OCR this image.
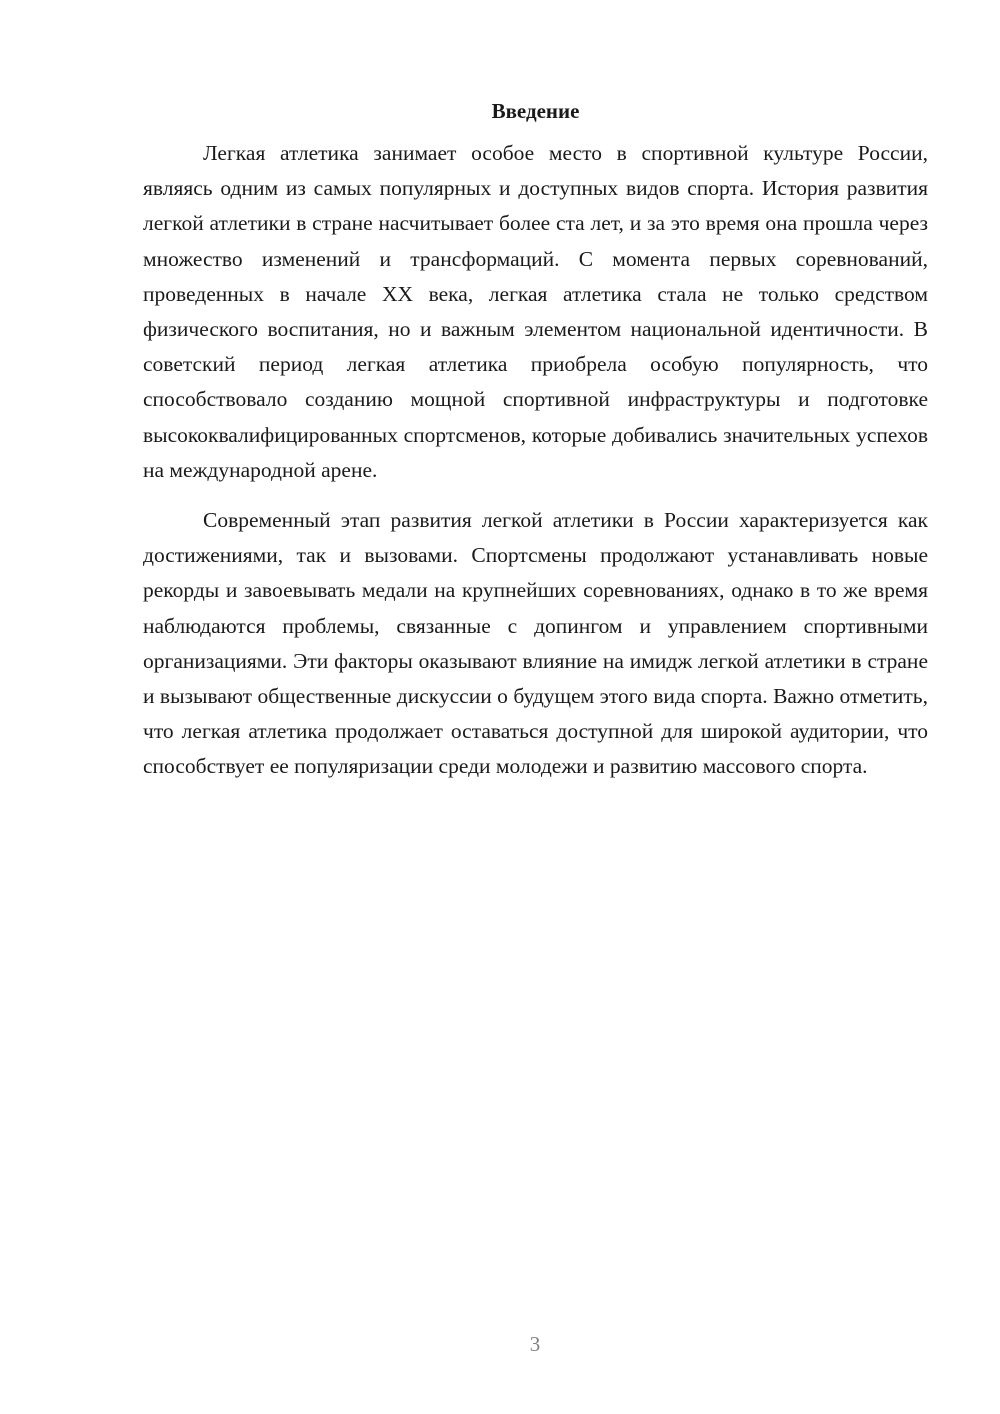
Введение

Легкая атлетика занимает особое место в спортивной культуре России, являясь одним из самых популярных и доступных видов спорта. История развития легкой атлетики в стране насчитывает более ста лет, и за это время она прошла через множество изменений и трансформаций. С момента первых соревнований, проведенных в начале XX века, легкая атлетика стала не только средством физического воспитания, но и важным элементом национальной идентичности. В советский период легкая атлетика приобрела особую популярность, что способствовало созданию мощной спортивной инфраструктуры и подготовке высококвалифицированных спортсменов, которые добивались значительных успехов на международной арене.

Современный этап развития легкой атлетики в России характеризуется как достижениями, так и вызовами. Спортсмены продолжают устанавливать новые рекорды и завоевывать медали на крупнейших соревнованиях, однако в то же время наблюдаются проблемы, связанные с допингом и управлением спортивными организациями. Эти факторы оказывают влияние на имидж легкой атлетики в стране и вызывают общественные дискуссии о будущем этого вида спорта. Важно отметить, что легкая атлетика продолжает оставаться доступной для широкой аудитории, что способствует ее популяризации среди молодежи и развитию массового спорта.

3
